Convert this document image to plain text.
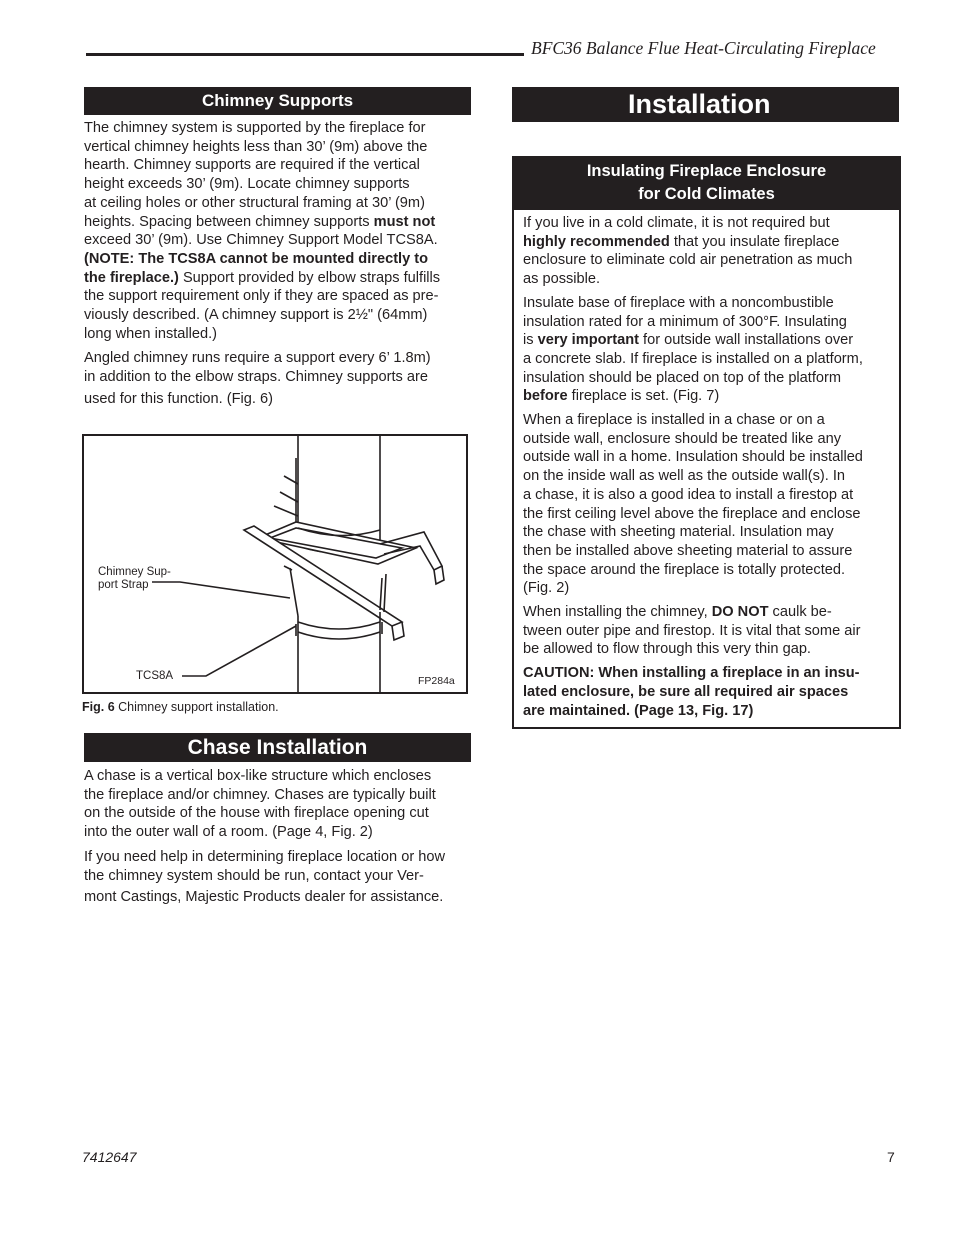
BFC36 Balance Flue Heat-Circulating Fireplace
Chimney Supports

The chimney system is supported by the fireplace for
vertical chimney heights less than 30’ (9m) above the
hearth. Chimney supports are required if the vertical
height exceeds 30’ (9m). Locate chimney supports
at ceiling holes or other structural framing at 30’ (9m)
heights. Spacing between chimney supports must not
exceed 30’ (9m). Use Chimney Support Model TCS8A.
(NOTE: The TCS8A cannot be mounted directly to
the fireplace.) Support provided by elbow straps fulfills
the support requirement only if they are spaced as pre-
viously described. (A chimney support is 2½" (64mm)
long when installed.)

Angled chimney runs require a support every 6’ 1.8m)
in addition to the elbow straps. Chimney supports are
used for this function. (Fig. 6)

Chimney Sup-
port Strap
TCS8A	FP284a
Fig. 6 Chimney support installation.
Chase Installation

A chase is a vertical box-like structure which encloses
the fireplace and/or chimney. Chases are typically built
on the outside of the house with fireplace opening cut
into the outer wall of a room. (Page 4, Fig. 2)

If you need help in determining fireplace location or how
the chimney system should be run, contact your Ver-
mont Castings, Majestic Products dealer for assistance.

Installation
Insulating Fireplace Enclosure
for Cold Climates

If you live in a cold climate, it is not required but
highly recommended that you insulate fireplace
enclosure to eliminate cold air penetration as much
as possible.

Insulate base of fireplace with a noncombustible
insulation rated for a minimum of 300°F. Insulating
is very important for outside wall installations over
a concrete slab. If fireplace is installed on a platform,
insulation should be placed on top of the platform
before fireplace is set. (Fig. 7)

When a fireplace is installed in a chase or on a
outside wall, enclosure should be treated like any
outside wall in a home. Insulation should be installed
on the inside wall as well as the outside wall(s). In
a chase, it is also a good idea to install a firestop at
the first ceiling level above the fireplace and enclose
the chase with sheeting material. Insulation may
then be installed above sheeting material to assure
the space around the fireplace is totally protected.
(Fig. 2)

When installing the chimney, DO NOT caulk be-
tween outer pipe and firestop. It is vital that some air
be allowed to flow through this very thin gap.

CAUTION: When installing a fireplace in an insu-
lated enclosure, be sure all required air spaces
are maintained. (Page 13, Fig. 17)

7412647	7
